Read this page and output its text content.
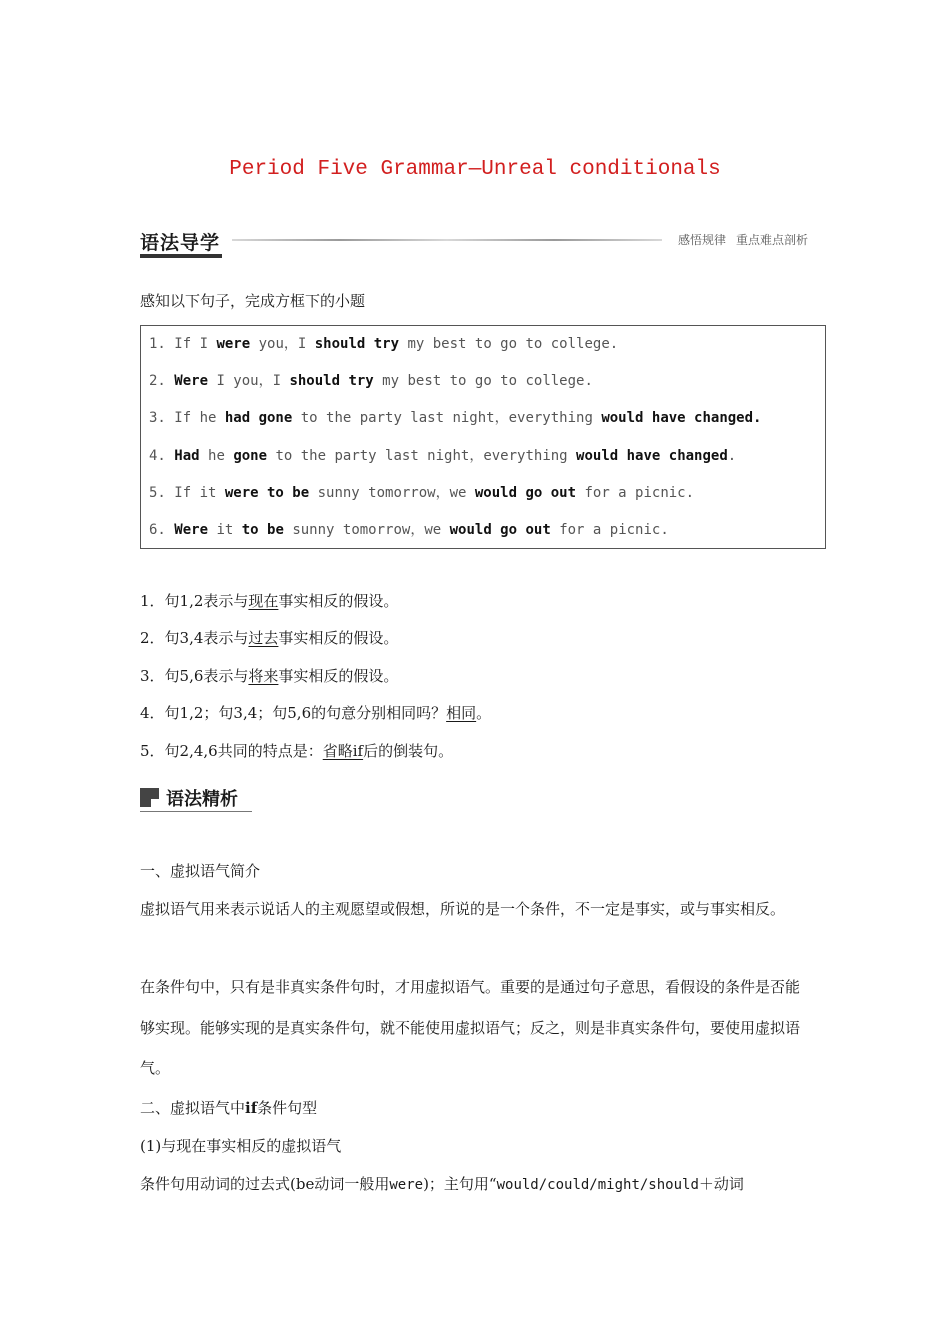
Period Five Grammar—Unreal conditionals
语法导学	感悟规律 重点难点剖析
感知以下句子，完成方框下的小题
1. If I were you，I should try my best to go to college.
2. Were I you，I should try my best to go to college.
3. If he had gone to the party last night，everything would have changed.
4. Had he gone to the party last night，everything would have changed.
5. If it were to be sunny tomorrow，we would go out for a picnic.
6. Were it to be sunny tomorrow，we would go out for a picnic.
1．句1,2表示与现在事实相反的假设。
2．句3,4表示与过去事实相反的假设。
3．句5,6表示与将来事实相反的假设。
4．句1,2；句3,4；句5,6的句意分别相同吗？相同。
5．句2,4,6共同的特点是：省略if后的倒装句。
语法精析
一、虚拟语气简介
虚拟语气用来表示说话人的主观愿望或假想，所说的是一个条件，不一定是事实，或与事实相反。
在条件句中，只有是非真实条件句时，才用虚拟语气。重要的是通过句子意思，看假设的条件是否能够实现。能够实现的是真实条件句，就不能使用虚拟语气；反之，则是非真实条件句，要使用虚拟语气。
二、虚拟语气中if条件句型
(1)与现在事实相反的虚拟语气
条件句用动词的过去式(be动词一般用were)；主句用“would/could/might/should＋动词
